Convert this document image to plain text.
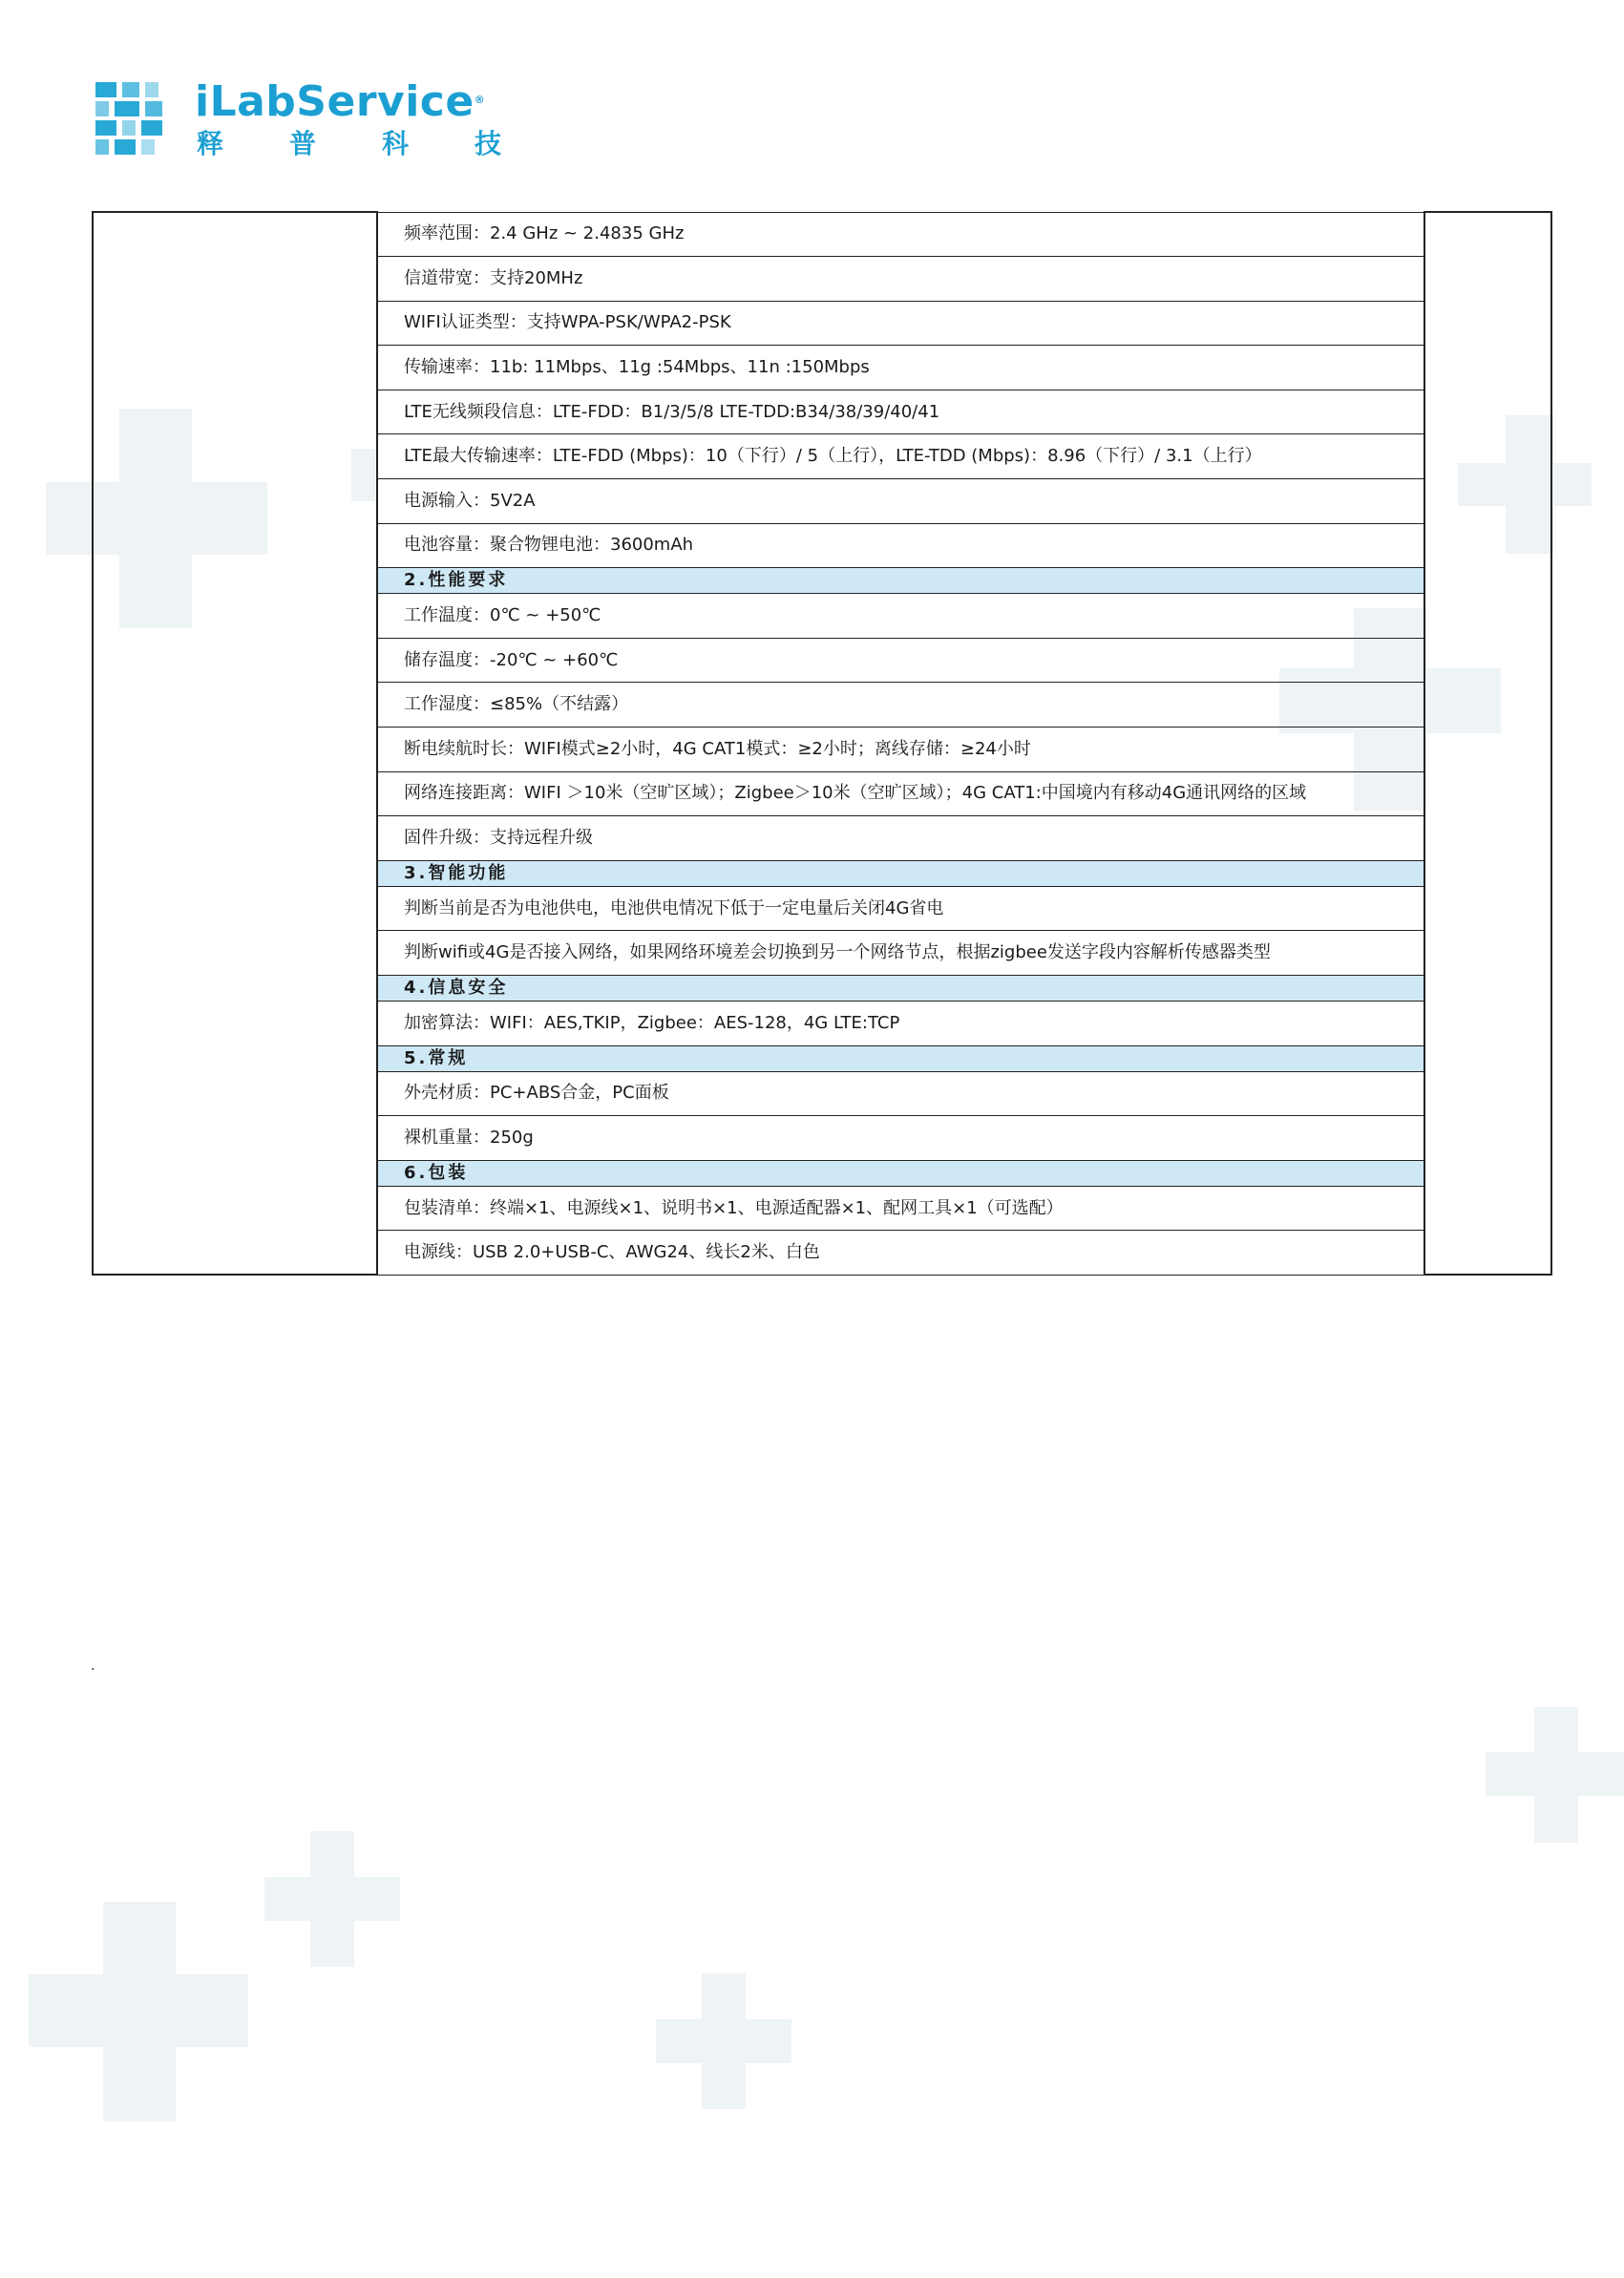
iLabService®
释 普 科 技
	频率范围：2.4 GHz ~ 2.4835 GHz	
信道带宽：支持20MHz
WIFI认证类型：支持WPA-PSK/WPA2-PSK
传输速率：11b: 11Mbps、11g :54Mbps、11n :150Mbps
LTE无线频段信息：LTE-FDD：B1/3/5/8 LTE-TDD:B34/38/39/40/41
LTE最大传输速率：LTE-FDD (Mbps)：10（下行）/ 5（上行），LTE-TDD (Mbps)：8.96（下行）/ 3.1（上行）
电源输入：5V2A
电池容量：聚合物锂电池：3600mAh
2.性能要求
工作温度：0℃ ~ +50℃
储存温度：-20℃ ~ +60℃
工作湿度：≤85%（不结露）
断电续航时长：WIFI模式≥2小时，4G CAT1模式：≥2小时；离线存储：≥24小时
网络连接距离：WIFI ＞10米（空旷区域）；Zigbee＞10米（空旷区域）；4G CAT1:中国境内有移动4G通讯网络的区域
固件升级：支持远程升级
3.智能功能
判断当前是否为电池供电，电池供电情况下低于一定电量后关闭4G省电
判断wifi或4G是否接入网络，如果网络环境差会切换到另一个网络节点，根据zigbee发送字段内容解析传感器类型
4.信息安全
加密算法：WIFI：AES,TKIP，Zigbee：AES-128，4G LTE:TCP
5.常规
外壳材质：PC+ABS合金，PC面板
裸机重量：250g
6.包装
包装清单：终端×1、电源线×1、说明书×1、电源适配器×1、配网工具×1（可选配）
电源线：USB 2.0+USB-C、AWG24、线长2米、白色
.
